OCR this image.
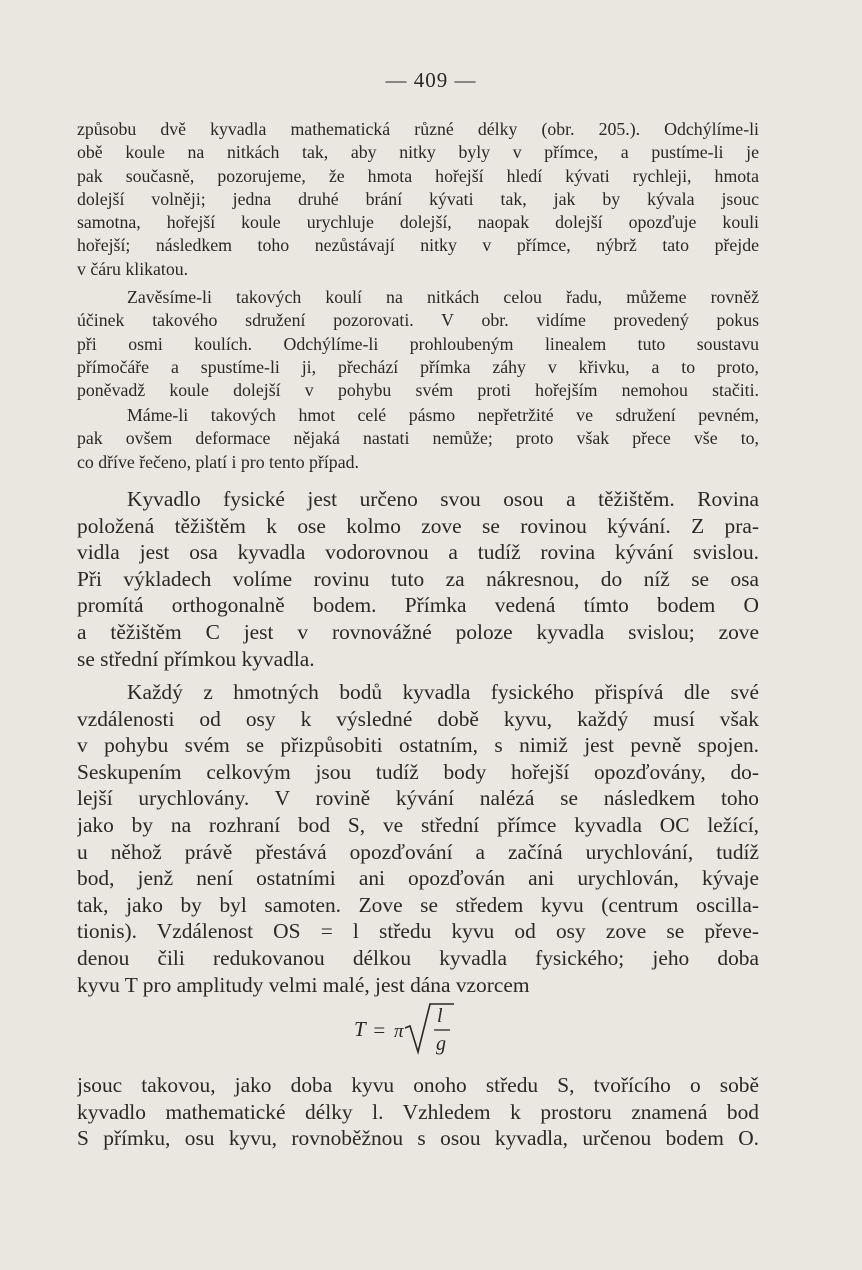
— 409 —
způsobu dvě kyvadla mathematická různé délky (obr. 205.). Odchýlíme-li
obě koule na nitkách tak, aby nitky byly v přímce, a pustíme-li je
pak současně, pozorujeme, že hmota hořejší hledí kývati rychleji, hmota
dolejší volněji; jedna druhé brání kývati tak, jak by kývala jsouc
samotna, hořejší koule urychluje dolejší, naopak dolejší opozďuje kouli
hořejší; následkem toho nezůstávají nitky v přímce, nýbrž tato přejde
v čáru klikatou.
Zavěsíme-li takových koulí na nitkách celou řadu, můžeme rovněž
účinek takového sdružení pozorovati. V obr. vidíme provedený pokus
při osmi koulích. Odchýlíme-li prohloubeným linealem tuto soustavu
přímočáře a spustíme-li ji, přechází přímka záhy v křivku, a to proto,
poněvadž koule dolejší v pohybu svém proti hořejším nemohou stačiti.
Máme-li takových hmot celé pásmo nepřetržité ve sdružení pevném,
pak ovšem deformace nějaká nastati nemůže; proto však přece vše to,
co dříve řečeno, platí i pro tento případ.
Kyvadlo fysické jest určeno svou osou a těžištěm. Rovina
položená těžištěm k ose kolmo zove se rovinou kývání. Z pra-
vidla jest osa kyvadla vodorovnou a tudíž rovina kývání svislou.
Při výkladech volíme rovinu tuto za nákresnou, do níž se osa
promítá orthogonalně bodem. Přímka vedená tímto bodem O
a těžištěm C jest v rovnovážné poloze kyvadla svislou; zove
se střední přímkou kyvadla.
Každý z hmotných bodů kyvadla fysického přispívá dle své
vzdálenosti od osy k výsledné době kyvu, každý musí však
v pohybu svém se přizpůsobiti ostatním, s nimiž jest pevně spojen.
Seskupením celkovým jsou tudíž body hořejší opozďovány, do-
lejší urychlovány. V rovině kývání nalézá se následkem toho
jako by na rozhraní bod S, ve střední přímce kyvadla OC ležící,
u něhož právě přestává opozďování a začíná urychlování, tudíž
bod, jenž není ostatními ani opozďován ani urychlován, kývaje
tak, jako by byl samoten. Zove se středem kyvu (centrum oscilla-
tionis). Vzdálenost OS = l středu kyvu od osy zove se převe-
denou čili redukovanou délkou kyvadla fysického; jeho doba
kyvu T pro amplitudy velmi malé, jest dána vzorcem
T = π
l
g
jsouc takovou, jako doba kyvu onoho středu S, tvořícího o sobě
kyvadlo mathematické délky l. Vzhledem k prostoru znamená bod
S přímku, osu kyvu, rovnoběžnou s osou kyvadla, určenou bodem O.
